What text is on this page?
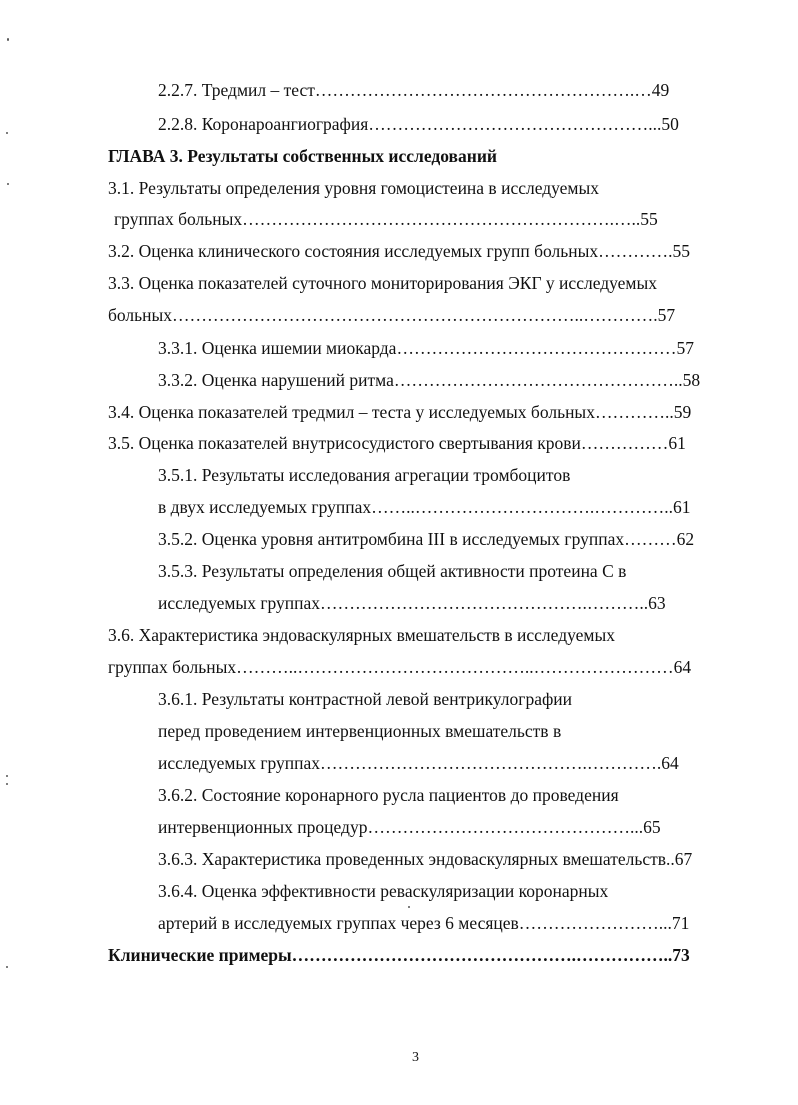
2.2.7. Тредмил – тест……………………………………………….…49
2.2.8. Коронароангиография…………………………………………...50
ГЛАВА 3. Результаты собственных исследований
3.1. Результаты определения уровня гомоцистеина в исследуемых
группах больных……………………………………………………….…..55
3.2. Оценка клинического состояния исследуемых групп больных………….55
3.3. Оценка показателей суточного мониторирования ЭКГ у исследуемых
больных……………………………………………………………..………….57
3.3.1. Оценка ишемии миокарда…………………………………………57
3.3.2. Оценка нарушений ритма…………………………………………..58
3.4. Оценка показателей тредмил – теста у исследуемых больных…………..59
3.5. Оценка показателей внутрисосудистого свертывания крови……………61
3.5.1. Результаты исследования агрегации тромбоцитов
в двух исследуемых группах……..………………………….…………..61
3.5.2. Оценка уровня антитромбина III в исследуемых группах………62
3.5.3. Результаты определения общей активности протеина С в
исследуемых группах……………………………………….………..63
3.6. Характеристика эндоваскулярных вмешательств в исследуемых
группах больных………..…………………………………..……………………64
3.6.1. Результаты контрастной левой вентрикулографии
перед проведением интервенционных вмешательств в
исследуемых группах……………………………………….………….64
3.6.2. Состояние коронарного русла пациентов до проведения
интервенционных процедур………………………………………...65
3.6.3. Характеристика проведенных эндоваскулярных вмешательств..67
3.6.4. Оценка эффективности реваскуляризации коронарных
артерий в исследуемых группах через 6 месяцев……………………...71
Клинические примеры………………………………………….……………..73
3
